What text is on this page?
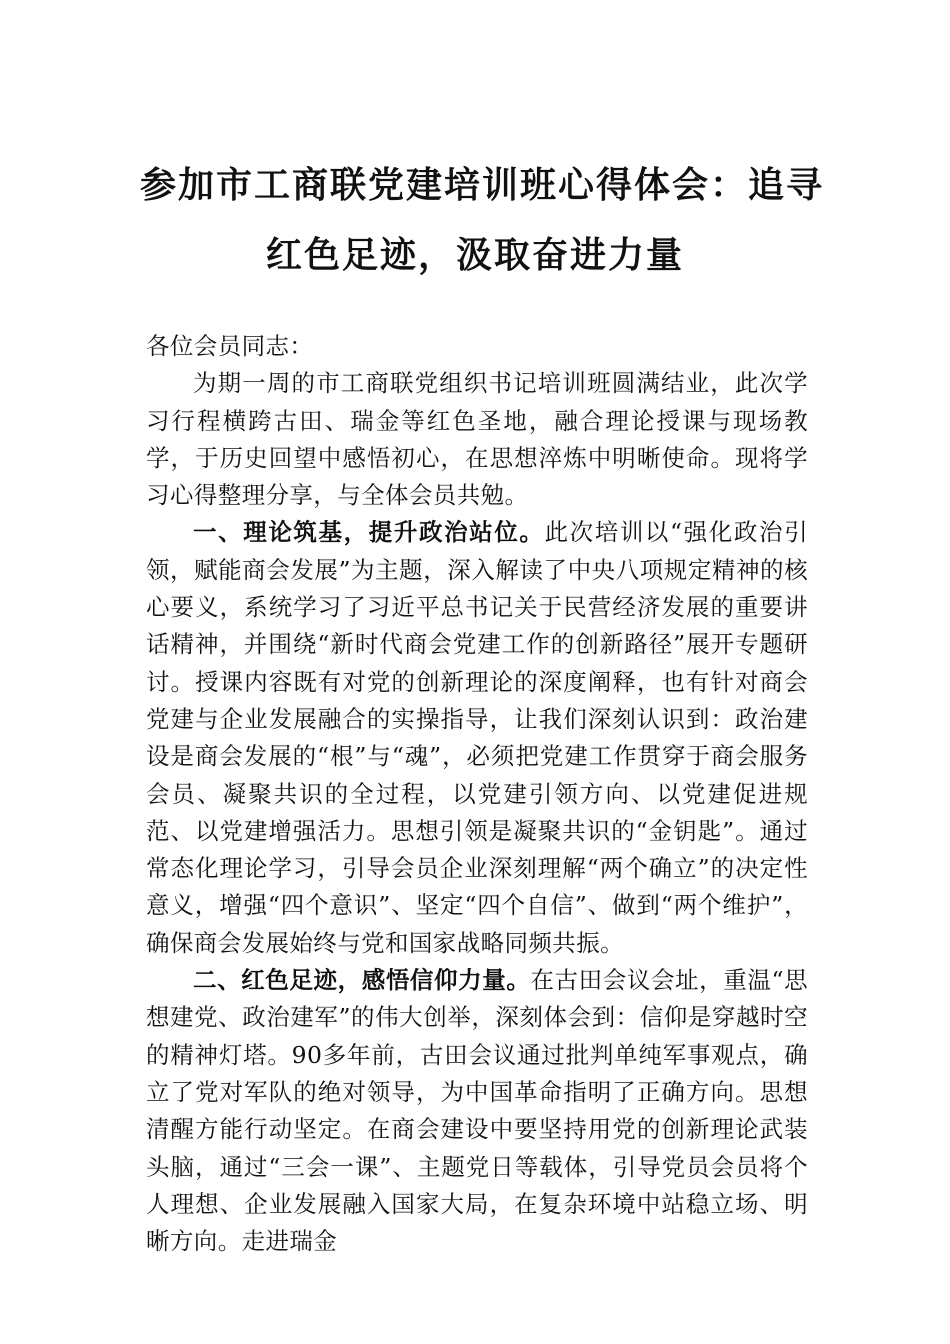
参加市工商联党建培训班心得体会：追寻
红色足迹，汲取奋进力量

各位会员同志：

为期一周的市工商联党组织书记培训班圆满结业，此次学习行程横跨古田、瑞金等红色圣地，融合理论授课与现场教学，于历史回望中感悟初心，在思想淬炼中明晰使命。现将学习心得整理分享，与全体会员共勉。

一、理论筑基，提升政治站位。此次培训以“强化政治引领，赋能商会发展”为主题，深入解读了中央八项规定精神的核心要义，系统学习了习近平总书记关于民营经济发展的重要讲话精神，并围绕“新时代商会党建工作的创新路径”展开专题研讨。授课内容既有对党的创新理论的深度阐释，也有针对商会党建与企业发展融合的实操指导，让我们深刻认识到：政治建设是商会发展的“根”与“魂”，必须把党建工作贯穿于商会服务会员、凝聚共识的全过程，以党建引领方向、以党建促进规范、以党建增强活力。思想引领是凝聚共识的“金钥匙”。通过常态化理论学习，引导会员企业深刻理解“两个确立”的决定性意义，增强“四个意识”、坚定“四个自信”、做到“两个维护”，确保商会发展始终与党和国家战略同频共振。

二、红色足迹，感悟信仰力量。在古田会议会址，重温“思想建党、政治建军”的伟大创举，深刻体会到：信仰是穿越时空的精神灯塔。90多年前，古田会议通过批判单纯军事观点，确立了党对军队的绝对领导，为中国革命指明了正确方向。思想清醒方能行动坚定。在商会建设中要坚持用党的创新理论武装头脑，通过“三会一课”、主题党日等载体，引导党员会员将个人理想、企业发展融入国家大局，在复杂环境中站稳立场、明晰方向。走进瑞金
